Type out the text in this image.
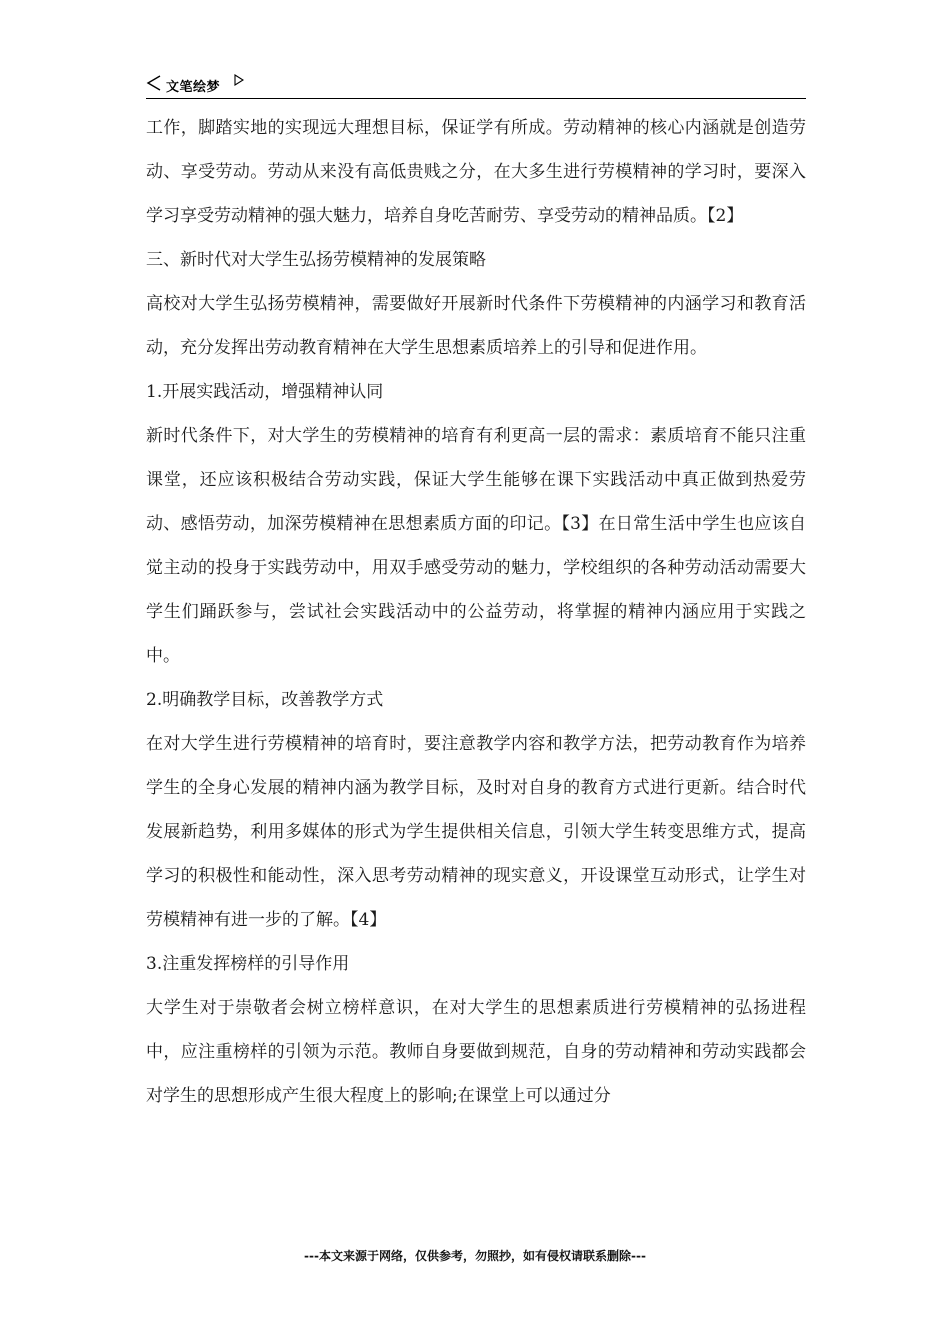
文笔绘梦

工作，脚踏实地的实现远大理想目标，保证学有所成。劳动精神的核心内涵就是创造劳动、享受劳动。劳动从来没有高低贵贱之分，在大多生进行劳模精神的学习时，要深入学习享受劳动精神的强大魅力，培养自身吃苦耐劳、享受劳动的精神品质。【2】

三、新时代对大学生弘扬劳模精神的发展策略

高校对大学生弘扬劳模精神，需要做好开展新时代条件下劳模精神的内涵学习和教育活动，充分发挥出劳动教育精神在大学生思想素质培养上的引导和促进作用。

1.开展实践活动，增强精神认同

新时代条件下，对大学生的劳模精神的培育有利更高一层的需求：素质培育不能只注重课堂，还应该积极结合劳动实践，保证大学生能够在课下实践活动中真正做到热爱劳动、感悟劳动，加深劳模精神在思想素质方面的印记。【3】在日常生活中学生也应该自觉主动的投身于实践劳动中，用双手感受劳动的魅力，学校组织的各种劳动活动需要大学生们踊跃参与，尝试社会实践活动中的公益劳动，将掌握的精神内涵应用于实践之中。

2.明确教学目标，改善教学方式

在对大学生进行劳模精神的培育时，要注意教学内容和教学方法，把劳动教育作为培养学生的全身心发展的精神内涵为教学目标，及时对自身的教育方式进行更新。结合时代发展新趋势，利用多媒体的形式为学生提供相关信息，引领大学生转变思维方式，提高学习的积极性和能动性，深入思考劳动精神的现实意义，开设课堂互动形式，让学生对劳模精神有进一步的了解。【4】

3.注重发挥榜样的引导作用

大学生对于崇敬者会树立榜样意识，在对大学生的思想素质进行劳模精神的弘扬进程中，应注重榜样的引领为示范。教师自身要做到规范，自身的劳动精神和劳动实践都会对学生的思想形成产生很大程度上的影响;在课堂上可以通过分

---本文来源于网络，仅供参考，勿照抄，如有侵权请联系删除---
